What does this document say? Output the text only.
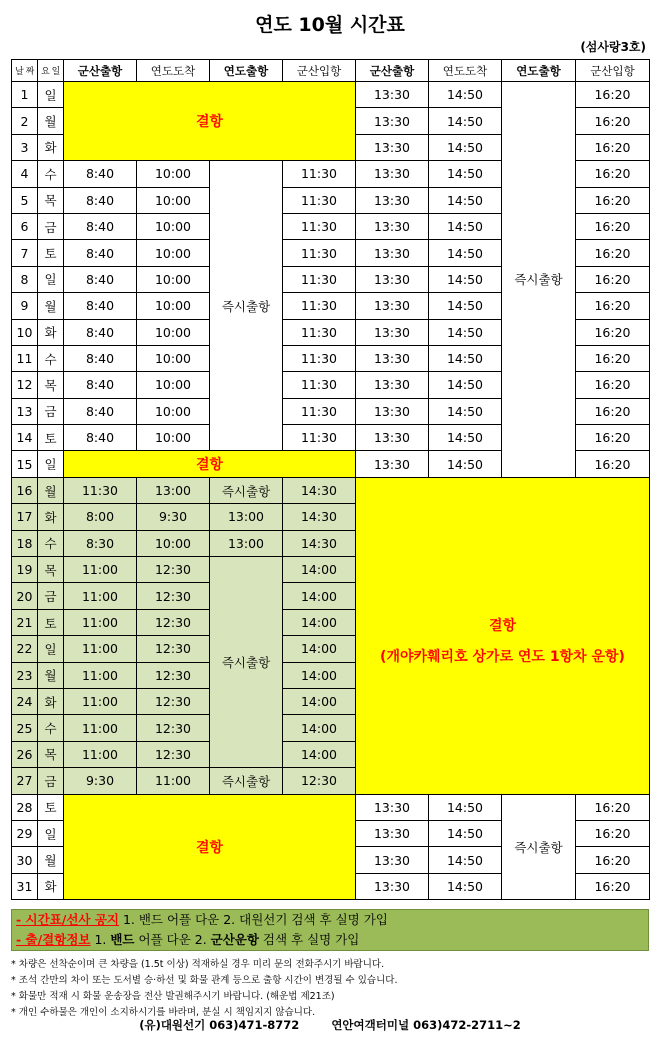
연도 10월 시간표
(섬사랑3호)
날 짜	요 일	군산출항	연도도착	연도출항	군산입항	군산출항	연도도착	연도출항	군산입항
1	일	결항				13:30	14:50	즉시출항	16:20
2	월					13:30	14:50		16:20
3	화					13:30	14:50		16:20
4	수	8:40	10:00	즉시출항	11:30	13:30	14:50		16:20
5	목	8:40	10:00		11:30	13:30	14:50		16:20
6	금	8:40	10:00		11:30	13:30	14:50		16:20
7	토	8:40	10:00		11:30	13:30	14:50		16:20
8	일	8:40	10:00		11:30	13:30	14:50		16:20
9	월	8:40	10:00		11:30	13:30	14:50		16:20
10	화	8:40	10:00		11:30	13:30	14:50		16:20
11	수	8:40	10:00		11:30	13:30	14:50		16:20
12	목	8:40	10:00		11:30	13:30	14:50		16:20
13	금	8:40	10:00		11:30	13:30	14:50		16:20
14	토	8:40	10:00		11:30	13:30	14:50		16:20
15	일	결항				13:30	14:50		16:20
16	월	11:30	13:00	즉시출항	14:30	결항
(개야카훼리호 상가로 연도 1항차 운항)			

17	화	8:00	9:30	13:00	14:30				
18	수	8:30	10:00	13:00	14:30				
19	목	11:00	12:30	즉시출항	14:00				
20	금	11:00	12:30		14:00				
21	토	11:00	12:30		14:00				
22	일	11:00	12:30		14:00				
23	월	11:00	12:30		14:00				
24	화	11:00	12:30		14:00				
25	수	11:00	12:30		14:00				
26	목	11:00	12:30		14:00				
27	금	9:30	11:00	즉시출항	12:30				
28	토	결항				13:30	14:50	즉시출항	16:20
29	일					13:30	14:50		16:20
30	월					13:30	14:50		16:20
31	화					13:30	14:50		16:20
- 시간표/선사 공지 1. 밴드 어플 다운 2. 대원선기 검색 후 실명 가입
- 출/결항정보 1. 밴드 어플 다운 2. 군산운항 검색 후 실명 가입
* 차량은 선착순이며 큰 차량을 (1.5t 이상) 적재하실 경우 미리 문의 전화주시기 바랍니다.
* 조석 간만의 차이 또는 도서별 승·하선 및 화물 관계 등으로 출항 시간이 변경될 수 있습니다.
* 화물만 적재 시 화물 운송장을 전산 발권해주시기 바랍니다. (해운법 제21조)
* 개인 수하물은 개인이 소지하시기를 바라며, 분실 시 책임지지 않습니다.
(유)대원선기 063)471-8772	연안여객터미널 063)472-2711~2
